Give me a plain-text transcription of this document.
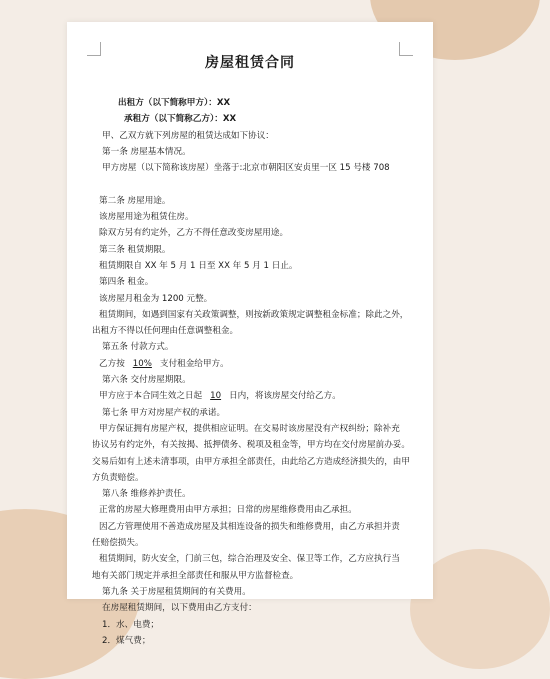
房屋租赁合同
出租方（以下简称甲方）：XX
承租方（以下简称乙方）：XX
甲、乙双方就下列房屋的租赁达成如下协议：
第一条 房屋基本情况。
甲方房屋（以下简称该房屋）坐落于:北京市朝阳区安贞里一区 15 号楼 708
第二条 房屋用途。
该房屋用途为租赁住房。
除双方另有约定外，乙方不得任意改变房屋用途。
第三条 租赁期限。
租赁期限自 XX 年 5 月 1 日至 XX 年 5 月 1 日止。
第四条 租金。
该房屋月租金为 1200 元整。
租赁期间，如遇到国家有关政策调整，则按新政策规定调整租金标准；除此之外，
出租方不得以任何理由任意调整租金。
第五条 付款方式。
乙方按 10% 支付租金给甲方。
第六条 交付房屋期限。
甲方应于本合同生效之日起 10 日内，将该房屋交付给乙方。
第七条 甲方对房屋产权的承诺。
甲方保证拥有房屋产权，提供相应证明。在交易时该房屋没有产权纠纷；除补充
协议另有约定外，有关按揭、抵押债务、税项及租金等，甲方均在交付房屋前办妥。
交易后如有上述未清事项，由甲方承担全部责任，由此给乙方造成经济损失的，由甲
方负责赔偿。
第八条 维修养护责任。
正常的房屋大修理费用由甲方承担；日常的房屋维修费用由乙承担。
因乙方管理使用不善造成房屋及其相连设备的损失和维修费用，由乙方承担并责
任赔偿损失。
租赁期间，防火安全，门前三包，综合治理及安全、保卫等工作，乙方应执行当
地有关部门规定并承担全部责任和服从甲方监督检查。
第九条 关于房屋租赁期间的有关费用。
在房屋租赁期间，以下费用由乙方支付：
1．水、电费；
2．煤气费；
